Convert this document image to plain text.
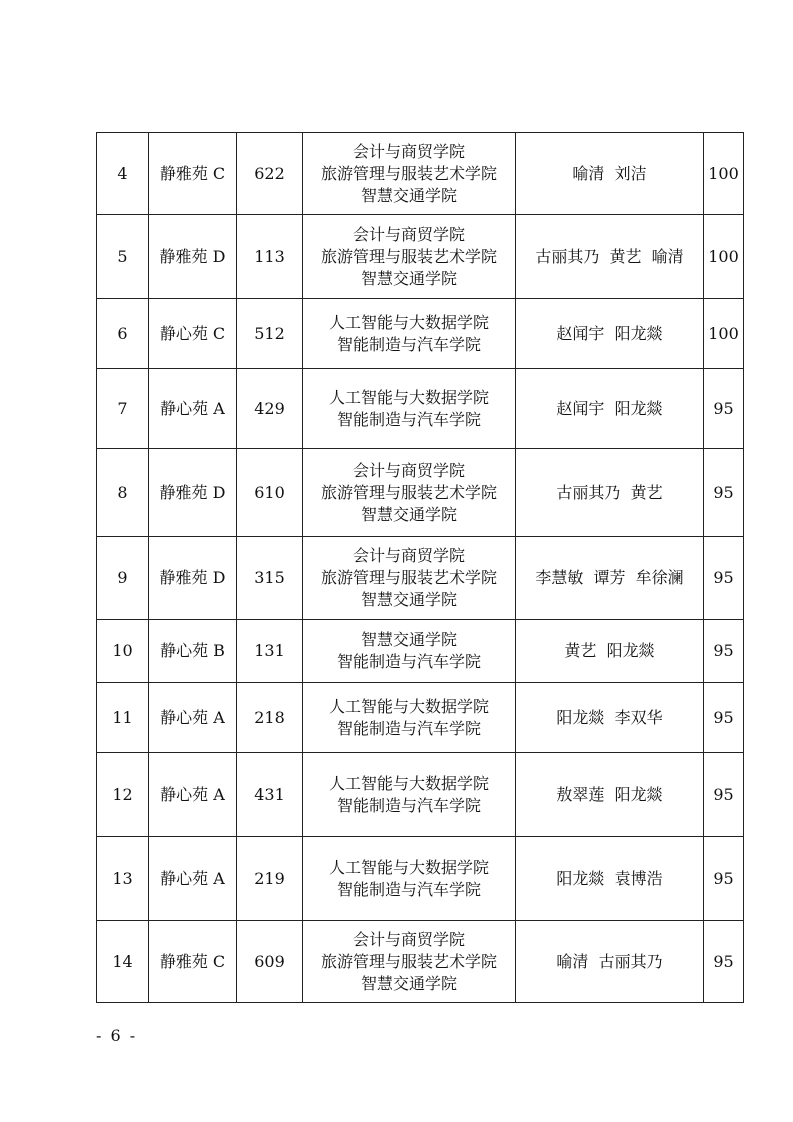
4	静雅苑 C	622	会计与商贸学院
旅游管理与服装艺术学院
智慧交通学院	喻清  刘洁	100
5	静雅苑 D	113	会计与商贸学院
旅游管理与服装艺术学院
智慧交通学院	古丽其乃  黄艺  喻清	100
6	静心苑 C	512	人工智能与大数据学院
智能制造与汽车学院	赵闻宇  阳龙燚	100
7	静心苑 A	429	人工智能与大数据学院
智能制造与汽车学院	赵闻宇  阳龙燚	95
8	静雅苑 D	610	会计与商贸学院
旅游管理与服装艺术学院
智慧交通学院	古丽其乃  黄艺	95
9	静雅苑 D	315	会计与商贸学院
旅游管理与服装艺术学院
智慧交通学院	李慧敏  谭芳  牟徐澜	95
10	静心苑 B	131	智慧交通学院
智能制造与汽车学院	黄艺  阳龙燚	95
11	静心苑 A	218	人工智能与大数据学院
智能制造与汽车学院	阳龙燚  李双华	95
12	静心苑 A	431	人工智能与大数据学院
智能制造与汽车学院	敖翠莲  阳龙燚	95
13	静心苑 A	219	人工智能与大数据学院
智能制造与汽车学院	阳龙燚  袁博浩	95
14	静雅苑 C	609	会计与商贸学院
旅游管理与服装艺术学院
智慧交通学院	喻清  古丽其乃	95
- 6 -
